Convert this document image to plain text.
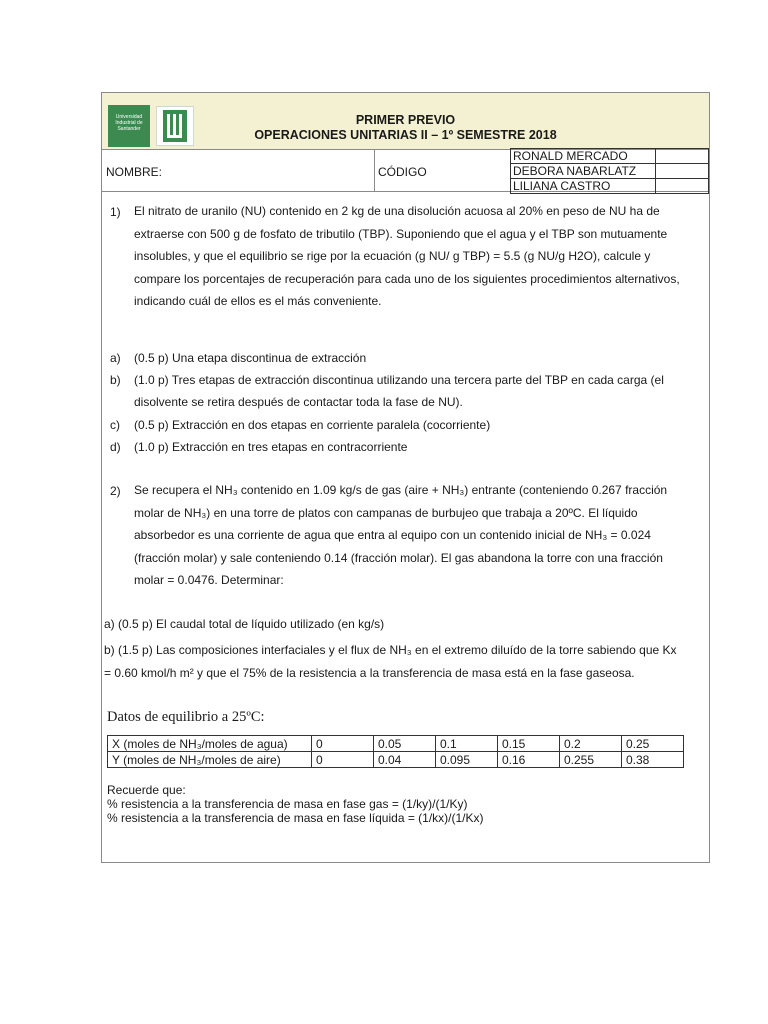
Universidad Industrial de Santander
PRIMER PREVIO
OPERACIONES UNITARIAS II – 1º SEMESTRE 2018
NOMBRE:	CÓDIGO
RONALD MERCADO	
DEBORA NABARLATZ	
LILIANA CASTRO	
1) El nitrato de uranilo (NU) contenido en 2 kg de una disolución acuosa al 20% en peso de NU ha de
extraerse con 500 g de fosfato de tributilo (TBP). Suponiendo que el agua y el TBP son mutuamente
insolubles, y que el equilibrio se rige por la ecuación (g NU/ g TBP) = 5.5 (g NU/g H2O), calcule y
compare los porcentajes de recuperación para cada uno de los siguientes procedimientos alternativos,
indicando cuál de ellos es el más conveniente.
a) (0.5 p) Una etapa discontinua de extracción
b) (1.0 p) Tres etapas de extracción discontinua utilizando una tercera parte del TBP en cada carga (el
disolvente se retira después de contactar toda la fase de NU).
c) (0.5 p) Extracción en dos etapas en corriente paralela (cocorriente)
d) (1.0 p) Extracción en tres etapas en contracorriente
2) Se recupera el NH₃ contenido en 1.09 kg/s de gas (aire + NH₃) entrante (conteniendo 0.267 fracción
molar de NH₃) en una torre de platos con campanas de burbujeo que trabaja a 20ºC. El líquido
absorbedor es una corriente de agua que entra al equipo con un contenido inicial de NH₃ = 0.024
(fracción molar) y sale conteniendo 0.14 (fracción molar). El gas abandona la torre con una fracción
molar = 0.0476. Determinar:
a) (0.5 p) El caudal total de líquido utilizado (en kg/s)
b) (1.5 p) Las composiciones interfaciales y el flux de NH₃ en el extremo diluído de la torre sabiendo que Kx
= 0.60 kmol/h m² y que el 75% de la resistencia a la transferencia de masa está en la fase gaseosa.
Datos de equilibrio a 25ºC:
X (moles de NH₃/moles de agua)	0	0.05	0.1	0.15	0.2	0.25
Y (moles de NH₃/moles de aire)	0	0.04	0.095	0.16	0.255	0.38
Recuerde que:
% resistencia a la transferencia de masa en fase gas = (1/ky)/(1/Ky)
% resistencia a la transferencia de masa en fase líquida = (1/kx)/(1/Kx)
